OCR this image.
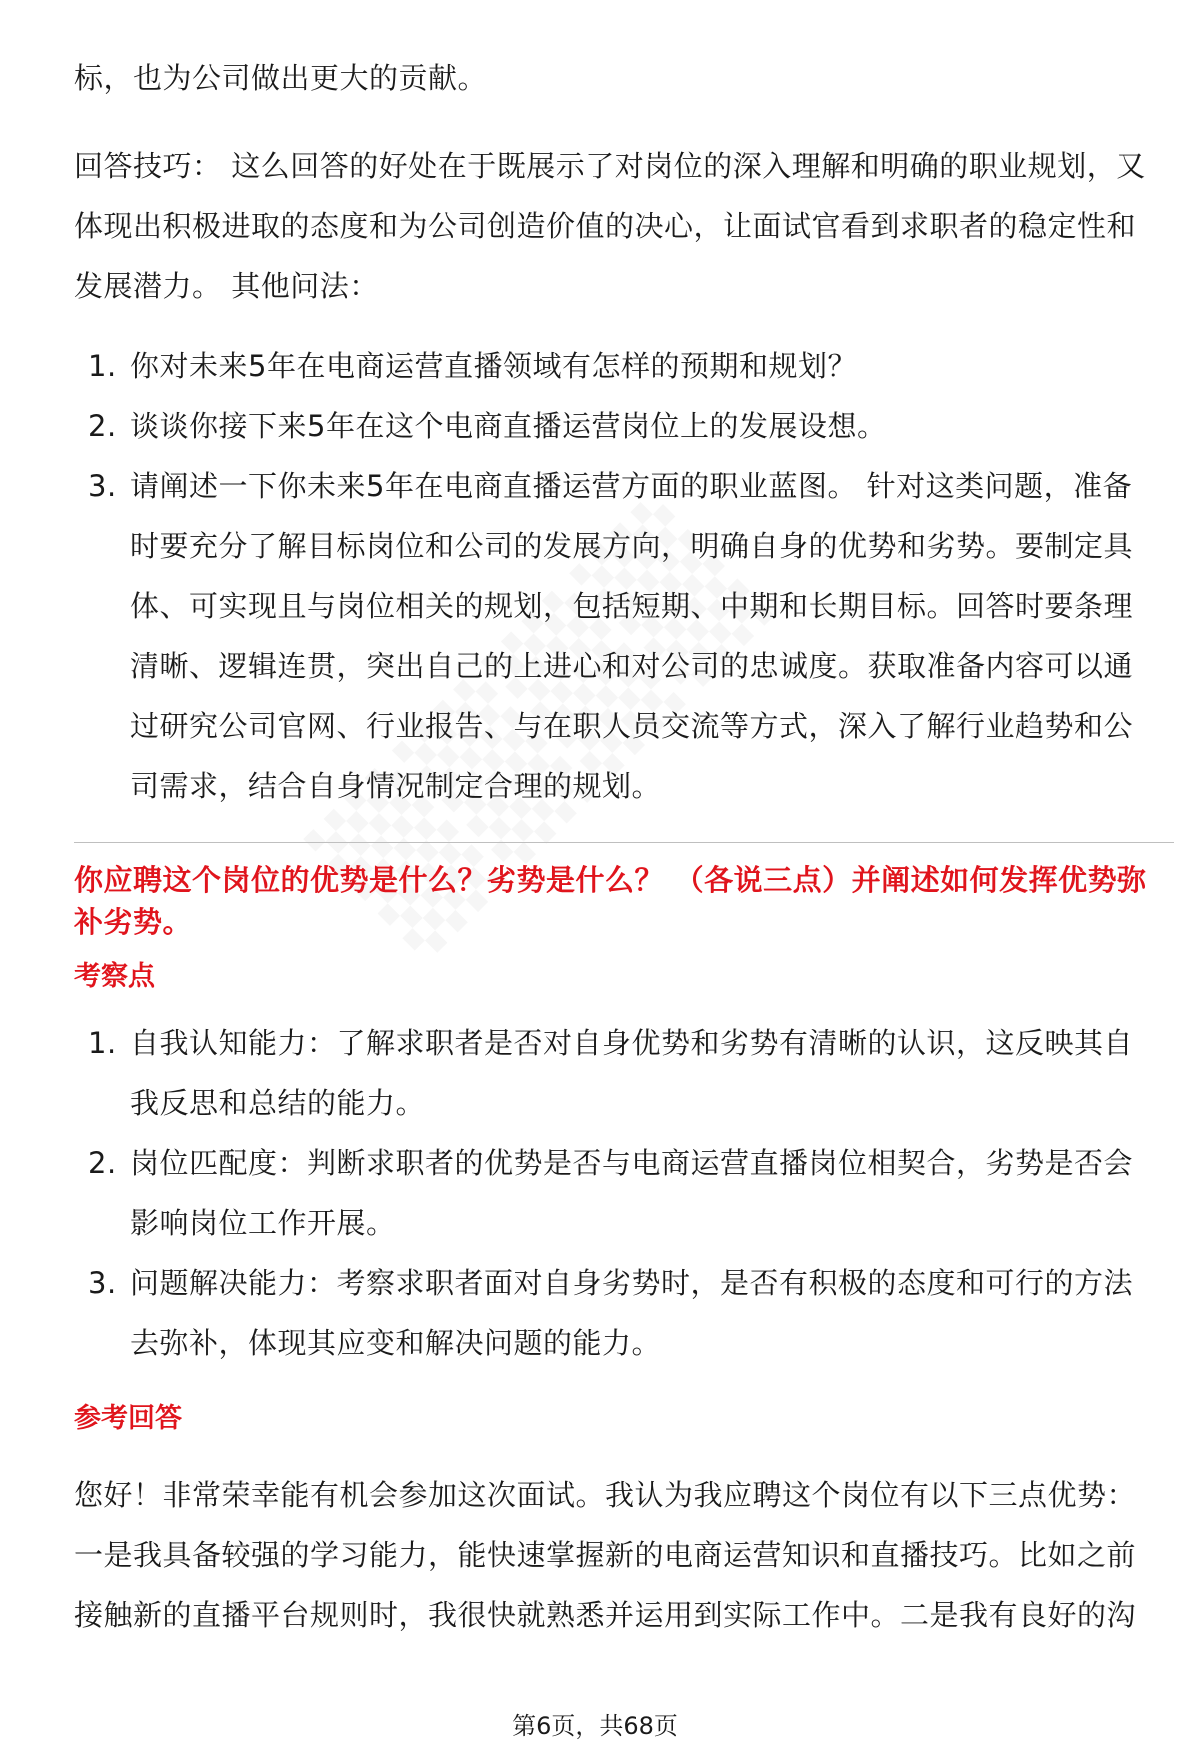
标，也为公司做出更大的贡献。

回答技巧： 这么回答的好处在于既展示了对岗位的深入理解和明确的职业规划，又

体现出积极进取的态度和为公司创造价值的决心，让面试官看到求职者的稳定性和

发展潜力。 其他问法：

1. 你对未来5年在电商运营直播领域有怎样的预期和规划？
2. 谈谈你接下来5年在这个电商直播运营岗位上的发展设想。
3. 请阐述一下你未来5年在电商直播运营方面的职业蓝图。 针对这类问题，准备
时要充分了解目标岗位和公司的发展方向，明确自身的优势和劣势。要制定具
体、可实现且与岗位相关的规划，包括短期、中期和长期目标。回答时要条理
清晰、逻辑连贯，突出自己的上进心和对公司的忠诚度。获取准备内容可以通
过研究公司官网、行业报告、与在职人员交流等方式，深入了解行业趋势和公
司需求，结合自身情况制定合理的规划。

你应聘这个岗位的优势是什么？劣势是什么？ （各说三点）并阐述如何发挥优势弥

补劣势。

考察点

1. 自我认知能力：了解求职者是否对自身优势和劣势有清晰的认识，这反映其自
我反思和总结的能力。
2. 岗位匹配度：判断求职者的优势是否与电商运营直播岗位相契合，劣势是否会
影响岗位工作开展。
3. 问题解决能力：考察求职者面对自身劣势时，是否有积极的态度和可行的方法
去弥补，体现其应变和解决问题的能力。

参考回答

您好！非常荣幸能有机会参加这次面试。我认为我应聘这个岗位有以下三点优势：

一是我具备较强的学习能力，能快速掌握新的电商运营知识和直播技巧。比如之前

接触新的直播平台规则时，我很快就熟悉并运用到实际工作中。二是我有良好的沟

第6页，共68页
